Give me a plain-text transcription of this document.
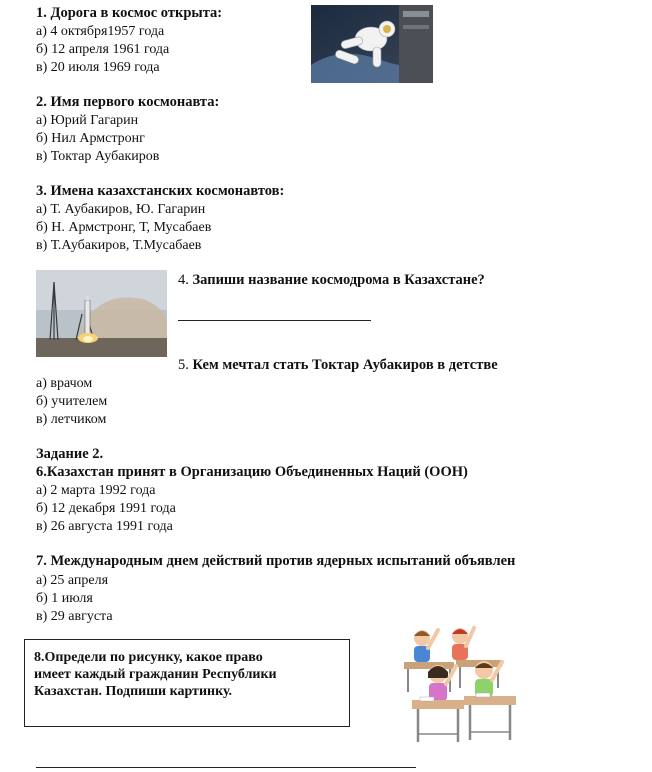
1. Дорога в космос открыта:
а) 4 октября1957 года
б) 12 апреля 1961 года
в) 20 июля 1969 года
2. Имя первого космонавта:
а) Юрий Гагарин
б) Нил Армстронг
в) Токтар Аубакиров
3. Имена казахстанских космонавтов:
а) Т. Аубакиров, Ю. Гагарин
б) Н. Армстронг, Т, Мусабаев
в) Т.Аубакиров, Т.Мусабаев
4. Запиши название космодрома в Казахстане?
5. Кем мечтал стать Токтар Аубакиров в детстве
а) врачом
б) учителем
в) летчиком
Задание 2.
6.Казахстан принят в Организацию Объединенных Наций (ООН)
а) 2 марта 1992 года
б) 12 декабря 1991 года
в) 26 августа 1991 года
7. Международным днем действий против ядерных испытаний объявлен
а) 25 апреля
б) 1 июля
в) 29 августа
8.Определи по рисунку, какое право
имеет каждый гражданин Республики
Казахстан. Подпиши картинку.
